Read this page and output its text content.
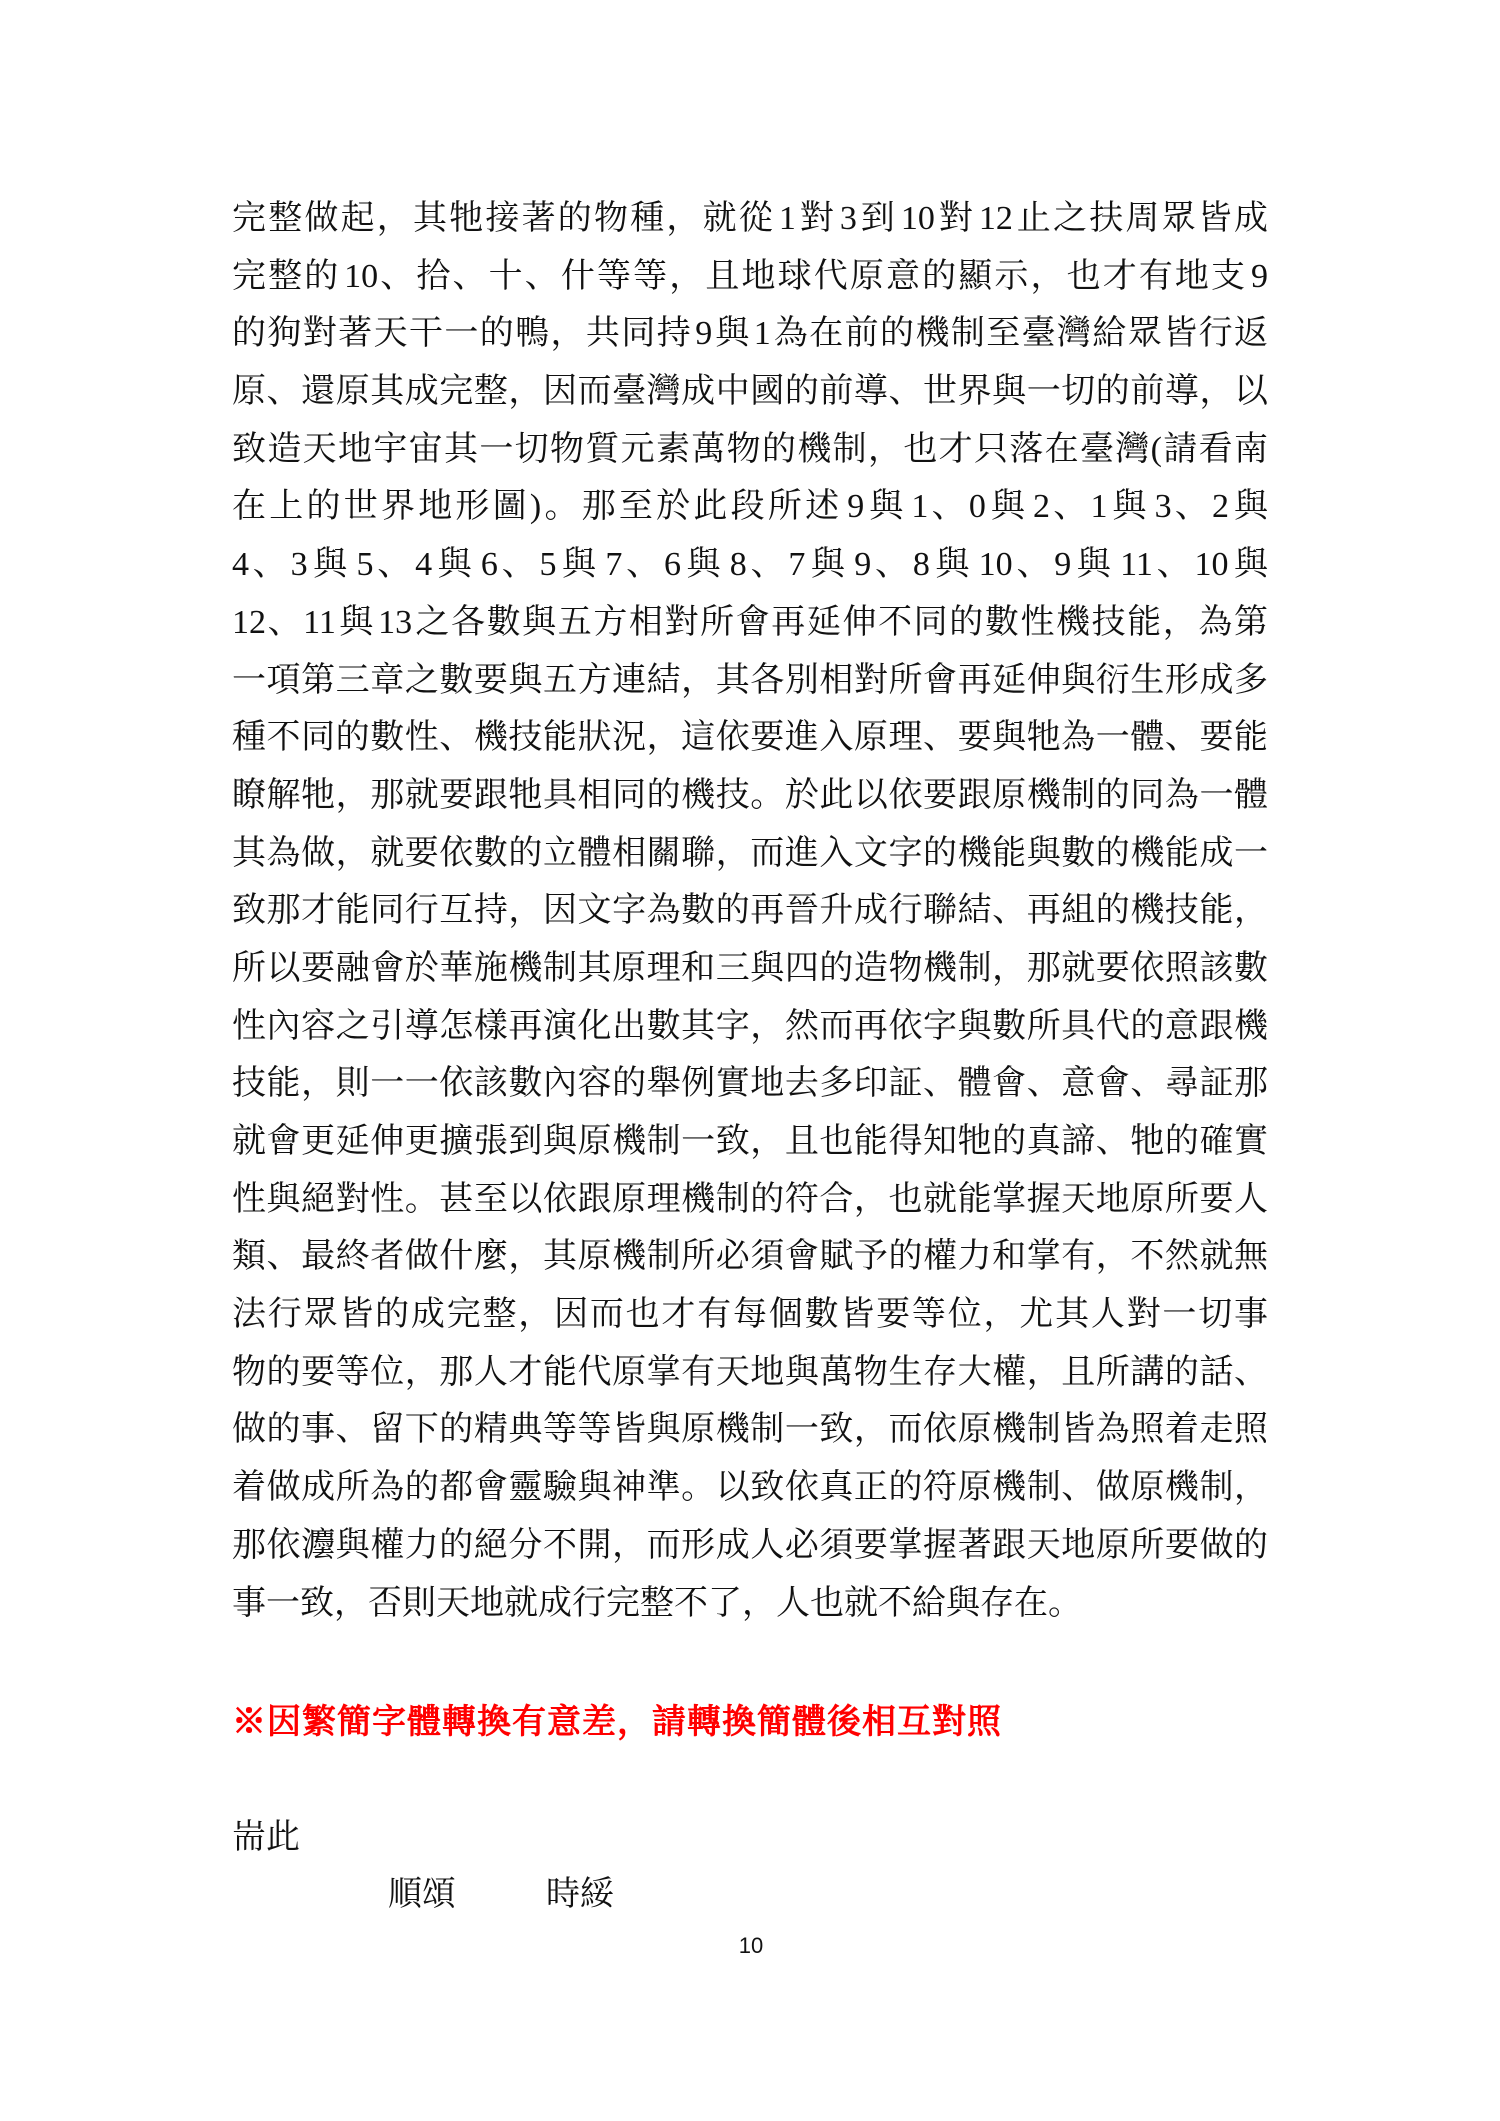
完整做起，其牠接著的物種，就從 1 對 3 到 10 對 12 止之扶周眾皆成
完整的 10、拾、十、什等等，且地球代原意的顯示，也才有地支 9
的狗對著天干一的鴨，共同持 9 與 1 為在前的機制至臺灣給眾皆行返
原、還原其成完整，因而臺灣成中國的前導、世界與一切的前導，以
致造天地宇宙其一切物質元素萬物的機制，也才只落在臺灣(請看南
在上的世界地形圖)。那至於此段所述 9 與 1、0 與 2、1 與 3、2 與
4、3 與 5、4 與 6、5 與 7、6 與 8、7 與 9、8 與 10、9 與 11、10 與
12、11 與 13 之各數與五方相對所會再延伸不同的數性機技能，為第
一項第三章之數要與五方連結，其各別相對所會再延伸與衍生形成多
種不同的數性、機技能狀況，這依要進入原理、要與牠為一體、要能
瞭解牠，那就要跟牠具相同的機技。於此以依要跟原機制的同為一體
其為做，就要依數的立體相關聯，而進入文字的機能與數的機能成一
致那才能同行互持，因文字為數的再晉升成行聯結、再組的機技能，
所以要融會於華施機制其原理和三與四的造物機制，那就要依照該數
性內容之引導怎樣再演化出數其字，然而再依字與數所具代的意跟機
技能，則一一依該數內容的舉例實地去多印証、體會、意會、尋証那
就會更延伸更擴張到與原機制一致，且也能得知牠的真諦、牠的確實
性與絕對性。甚至以依跟原理機制的符合，也就能掌握天地原所要人
類、最終者做什麼，其原機制所必須會賦予的權力和掌有，不然就無
法行眾皆的成完整，因而也才有每個數皆要等位，尤其人對一切事
物的要等位，那人才能代原掌有天地與萬物生存大權，且所講的話、
做的事、留下的精典等等皆與原機制一致，而依原機制皆為照着走照
着做成所為的都會靈驗與神準。以致依真正的符原機制、做原機制，
那依灋與權力的絕分不開，而形成人必須要掌握著跟天地原所要做的
事一致，否則天地就成行完整不了，人也就不給與存在。
※因繁簡字體轉換有意差，請轉換簡體後相互對照
耑此
順頌	時綏
10
